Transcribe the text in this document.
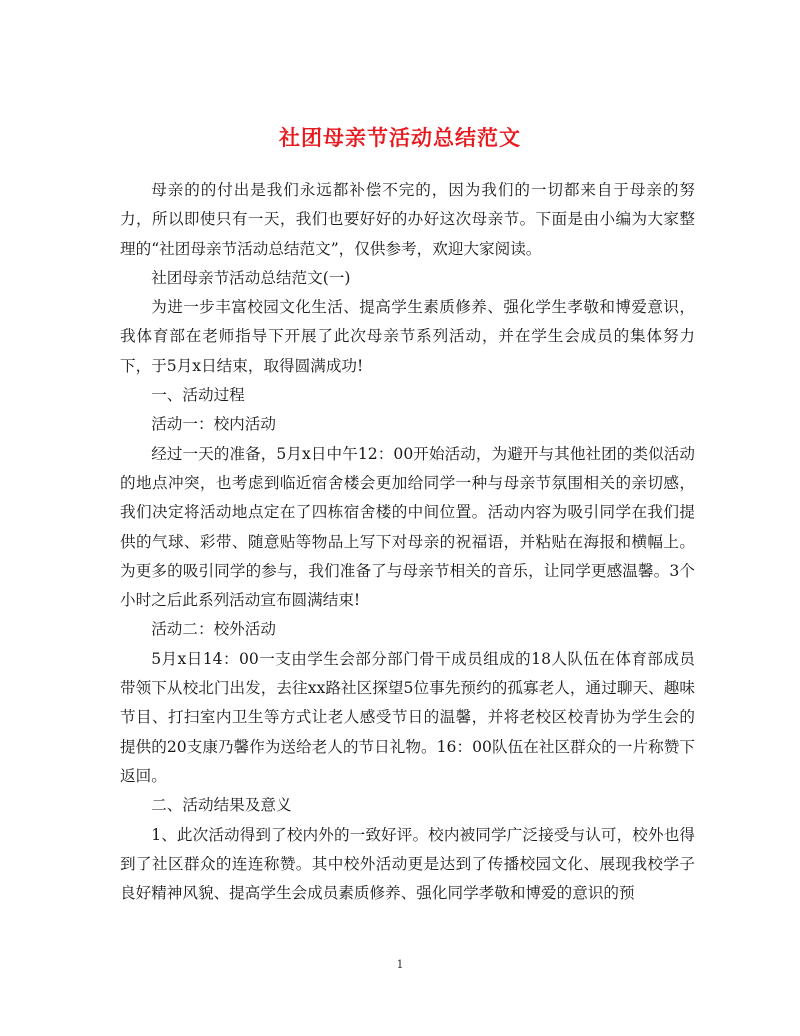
社团母亲节活动总结范文

母亲的的付出是我们永远都补偿不完的，因为我们的一切都来自于母亲的努力，所以即使只有一天，我们也要好好的办好这次母亲节。下面是由小编为大家整理的“社团母亲节活动总结范文”，仅供参考，欢迎大家阅读。

社团母亲节活动总结范文(一)

为进一步丰富校园文化生活、提高学生素质修养、强化学生孝敬和博爱意识，我体育部在老师指导下开展了此次母亲节系列活动，并在学生会成员的集体努力下，于5月x日结束，取得圆满成功!

一、活动过程

活动一：校内活动

经过一天的准备，5月x日中午12：00开始活动，为避开与其他社团的类似活动的地点冲突，也考虑到临近宿舍楼会更加给同学一种与母亲节氛围相关的亲切感，我们决定将活动地点定在了四栋宿舍楼的中间位置。活动内容为吸引同学在我们提供的气球、彩带、随意贴等物品上写下对母亲的祝福语，并粘贴在海报和横幅上。为更多的吸引同学的参与，我们准备了与母亲节相关的音乐，让同学更感温馨。3个小时之后此系列活动宣布圆满结束!

活动二：校外活动

5月x日14：00一支由学生会部分部门骨干成员组成的18人队伍在体育部成员带领下从校北门出发，去往xx路社区探望5位事先预约的孤寡老人，通过聊天、趣味节目、打扫室内卫生等方式让老人感受节日的温馨，并将老校区校青协为学生会的提供的20支康乃馨作为送给老人的节日礼物。16：00队伍在社区群众的一片称赞下返回。

二、活动结果及意义

1、此次活动得到了校内外的一致好评。校内被同学广泛接受与认可，校外也得到了社区群众的连连称赞。其中校外活动更是达到了传播校园文化、展现我校学子良好精神风貌、提高学生会成员素质修养、强化同学孝敬和博爱的意识的预

1
